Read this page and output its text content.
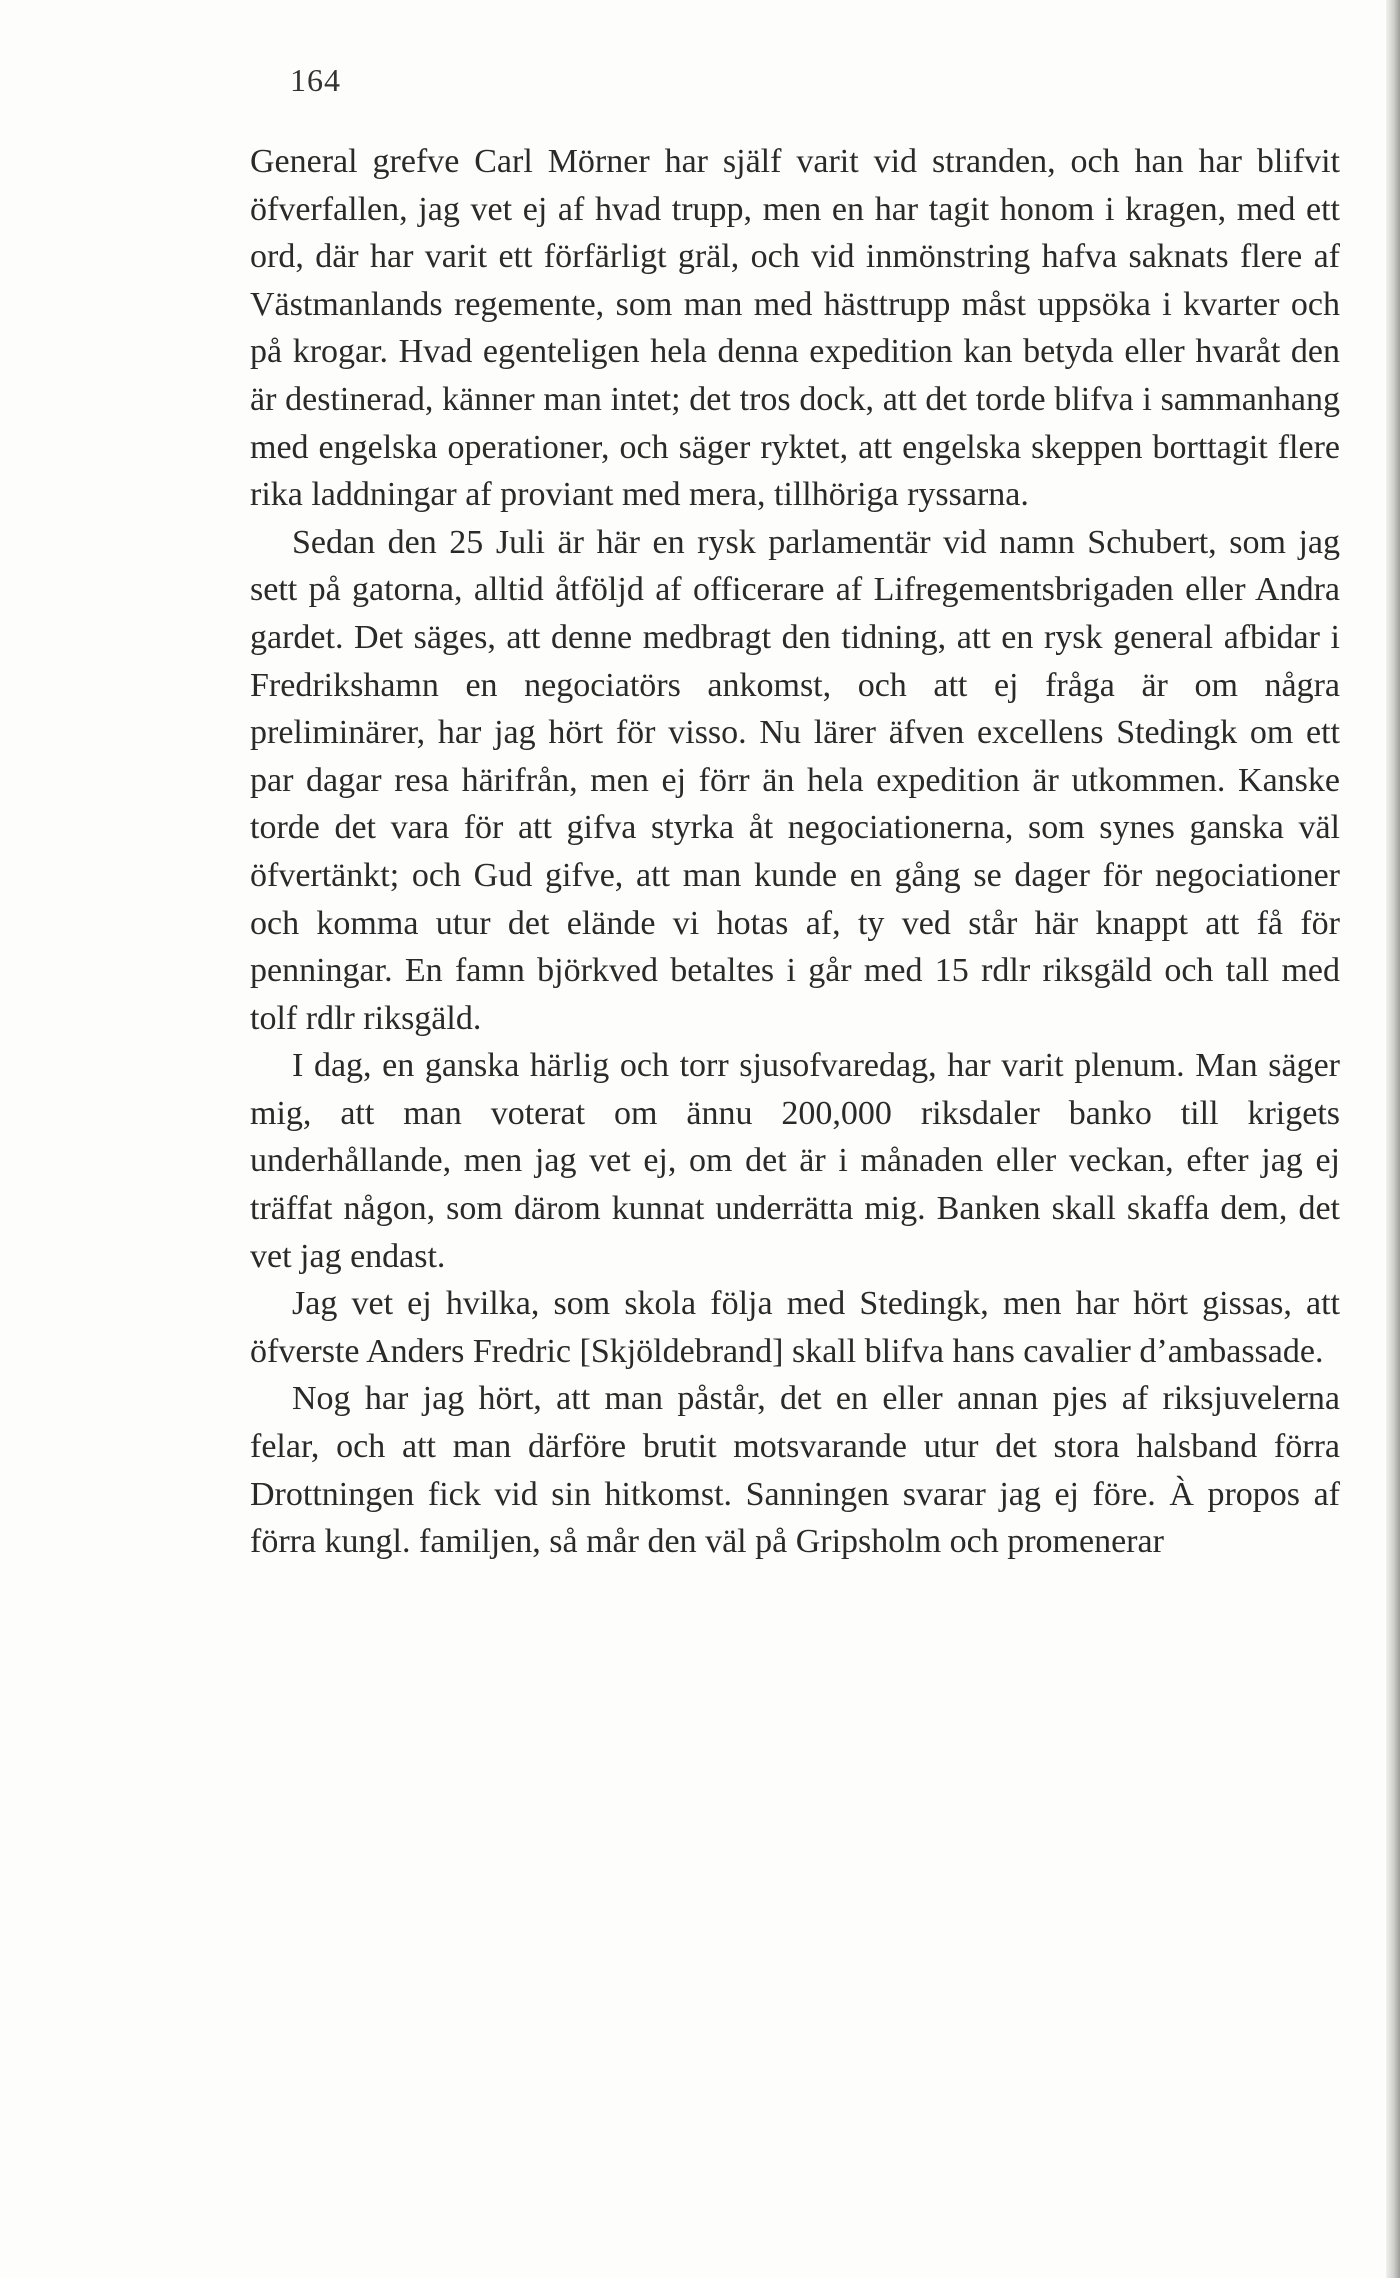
164

General grefve Carl Mörner har själf varit vid stranden, och han har blifvit öfverfallen, jag vet ej af hvad trupp, men en har tagit honom i kragen, med ett ord, där har varit ett förfärligt gräl, och vid inmönstring hafva saknats flere af Västmanlands regemente, som man med hästtrupp måst uppsöka i kvarter och på krogar. Hvad egenteligen hela denna expedition kan betyda eller hvaråt den är destinerad, känner man intet; det tros dock, att det torde blifva i sammanhang med engelska operationer, och säger ryktet, att engelska skeppen borttagit flere rika laddningar af proviant med mera, tillhöriga ryssarna.

Sedan den 25 Juli är här en rysk parlamentär vid namn Schubert, som jag sett på gatorna, alltid åtföljd af officerare af Lifregementsbrigaden eller Andra gardet. Det säges, att denne medbragt den tidning, att en rysk general afbidar i Fredrikshamn en negociatörs ankomst, och att ej fråga är om några preliminärer, har jag hört för visso. Nu lärer äfven excellens Stedingk om ett par dagar resa härifrån, men ej förr än hela expedition är utkommen. Kanske torde det vara för att gifva styrka åt negociationerna, som synes ganska väl öfvertänkt; och Gud gifve, att man kunde en gång se dager för negociationer och komma utur det elände vi hotas af, ty ved står här knappt att få för penningar. En famn björkved betaltes i går med 15 rdlr riksgäld och tall med tolf rdlr riksgäld.

I dag, en ganska härlig och torr sjusofvaredag, har varit plenum. Man säger mig, att man voterat om ännu 200,000 riksdaler banko till krigets underhållande, men jag vet ej, om det är i månaden eller veckan, efter jag ej träffat någon, som därom kunnat underrätta mig. Banken skall skaffa dem, det vet jag endast.

Jag vet ej hvilka, som skola följa med Stedingk, men har hört gissas, att öfverste Anders Fredric [Skjöldebrand] skall blifva hans cavalier d’ambassade.

Nog har jag hört, att man påstår, det en eller annan pjes af riksjuvelerna felar, och att man därföre brutit motsvarande utur det stora halsband förra Drottningen fick vid sin hitkomst. Sanningen svarar jag ej före. À propos af förra kungl. familjen, så mår den väl på Gripsholm och promenerar
